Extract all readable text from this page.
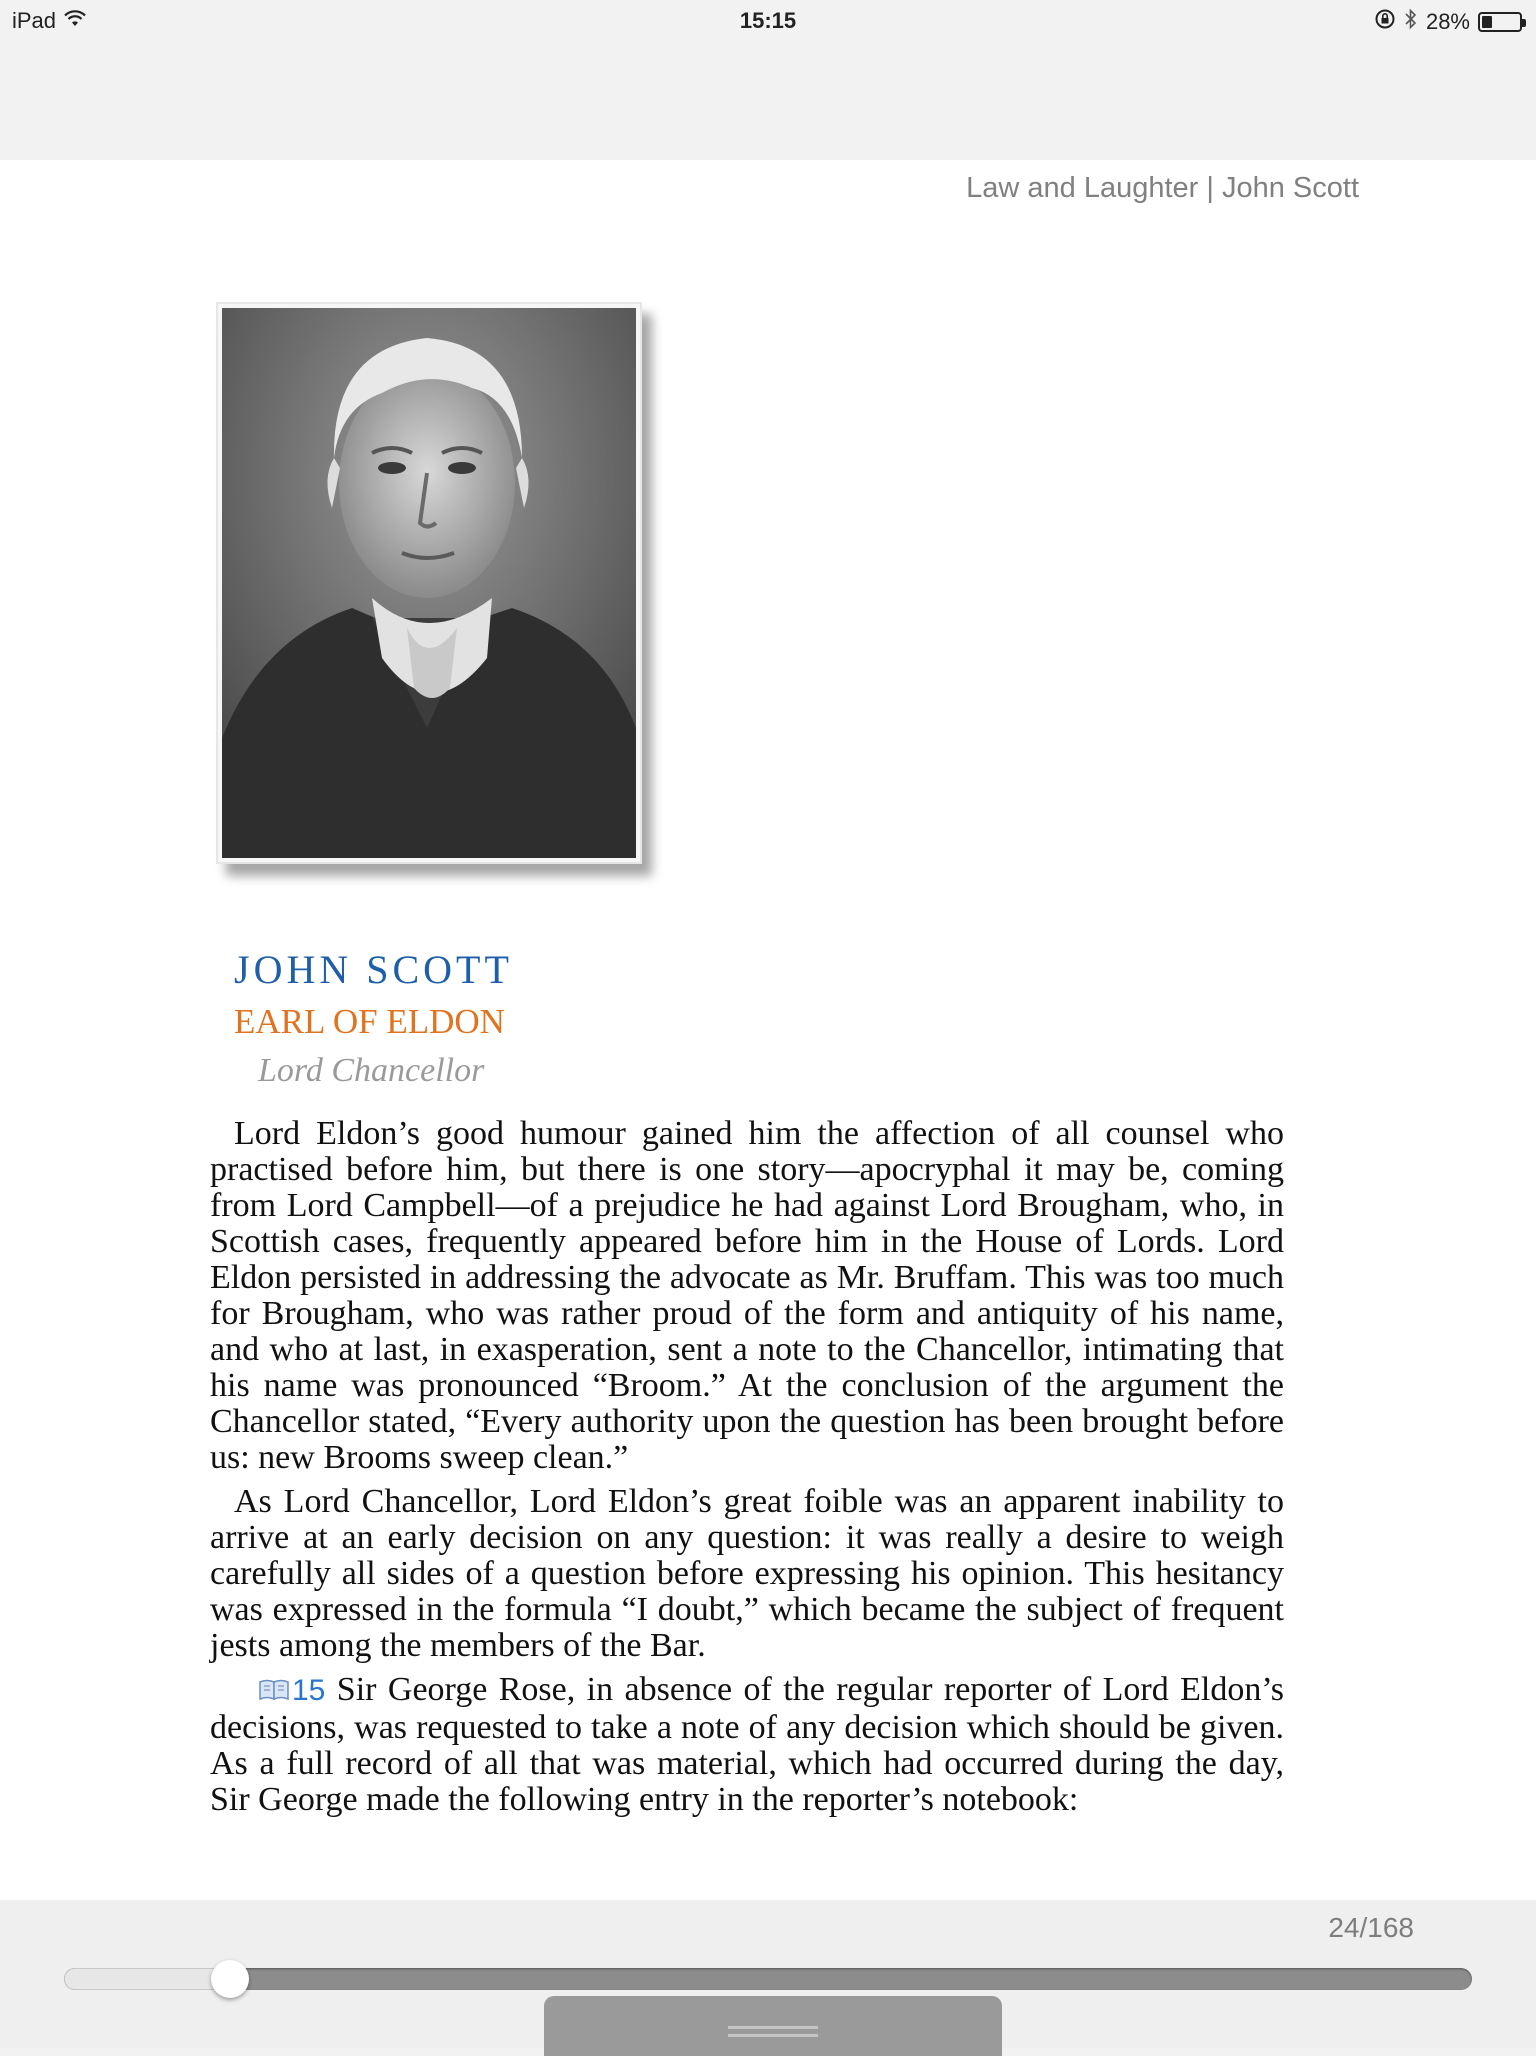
iPad	15:15	28%
Law and Laughter | John Scott
JOHN SCOTT
EARL OF ELDON
Lord Chancellor

Lord Eldon’s good humour gained him the affection of all counsel who practised before him, but there is one story—apocryphal it may be, coming from Lord Campbell—of a prejudice he had against Lord Brougham, who, in Scottish cases, frequently appeared before him in the House of Lords. Lord Eldon persisted in addressing the advocate as Mr. Bruffam. This was too much for Brougham, who was rather proud of the form and antiquity of his name, and who at last, in exasperation, sent a note to the Chancellor, intimating that his name was pronounced “Broom.” At the conclusion of the argument the Chancellor stated, “Every authority upon the question has been brought before us: new Brooms sweep clean.”

As Lord Chancellor, Lord Eldon’s great foible was an apparent inability to arrive at an early decision on any question: it was really a desire to weigh carefully all sides of a question before expressing his opinion. This hesitancy was expressed in the formula “I doubt,” which became the subject of frequent jests among the members of the Bar.

15 Sir George Rose, in absence of the regular reporter of Lord Eldon’s decisions, was requested to take a note of any decision which should be given. As a full record of all that was material, which had occurred during the day, Sir George made the following entry in the reporter’s notebook:

24/168
